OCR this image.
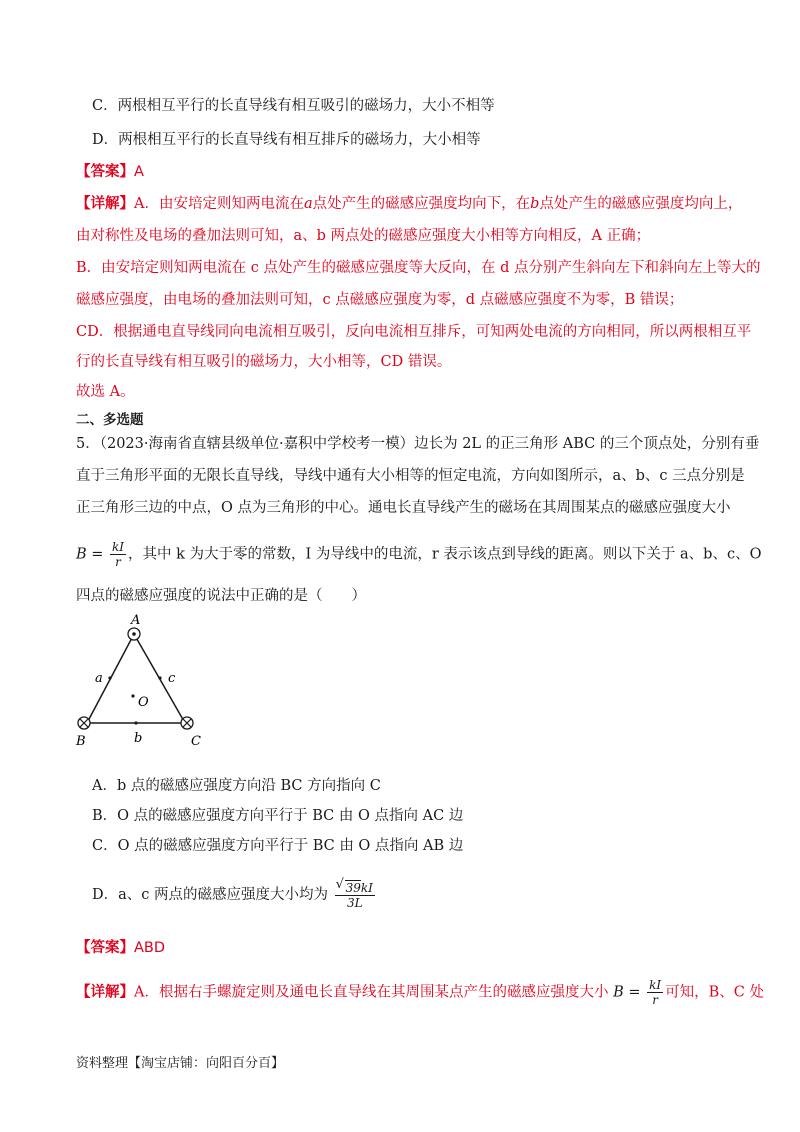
C．两根相互平行的长直导线有相互吸引的磁场力，大小不相等
D．两根相互平行的长直导线有相互排斥的磁场力，大小相等
【答案】A
【详解】A．由安培定则知两电流在a点处产生的磁感应强度均向下，在b点处产生的磁感应强度均向上，
由对称性及电场的叠加法则可知，a、b 两点处的磁感应强度大小相等方向相反，A 正确；
B．由安培定则知两电流在 c 点处产生的磁感应强度等大反向，在 d 点分别产生斜向左下和斜向左上等大的
磁感应强度，由电场的叠加法则可知，c 点磁感应强度为零，d 点磁感应强度不为零，B 错误；
CD．根据通电直导线同向电流相互吸引，反向电流相互排斥，可知两处电流的方向相同，所以两根相互平
行的长直导线有相互吸引的磁场力，大小相等，CD 错误。
故选 A。
二、多选题
5．（2023·海南省直辖县级单位·嘉积中学校考一模）边长为 2L 的正三角形 ABC 的三个顶点处，分别有垂
直于三角形平面的无限长直导线，导线中通有大小相等的恒定电流，方向如图所示，a、b、c 三点分别是
正三角形三边的中点，O 点为三角形的中心。通电长直导线产生的磁场在其周围某点的磁感应强度大小
$B = \frac{kI}{r}$ ，其中 k 为大于零的常数，I 为导线中的电流，r 表示该点到导线的距离。则以下关于 a、b、c、O
四点的磁感应强度的说法中正确的是（　　）
A
B	C
a
b
c
O
A．b 点的磁感应强度方向沿 BC 方向指向 C
B．O 点的磁感应强度方向平行于 BC 由 O 点指向 AC 边
C．O 点的磁感应强度方向平行于 BC 由 O 点指向 AB 边
D．a、c 两点的磁感应强度大小均为
√ $\frac{39kI}{3L}$
【答案】ABD
【详解】A．根据右手螺旋定则及通电长直导线在其周围某点产生的磁感应强度大小 $B = \frac{kI}{r}$ 可知，B、C 处
资料整理【淘宝店铺：向阳百分百】
